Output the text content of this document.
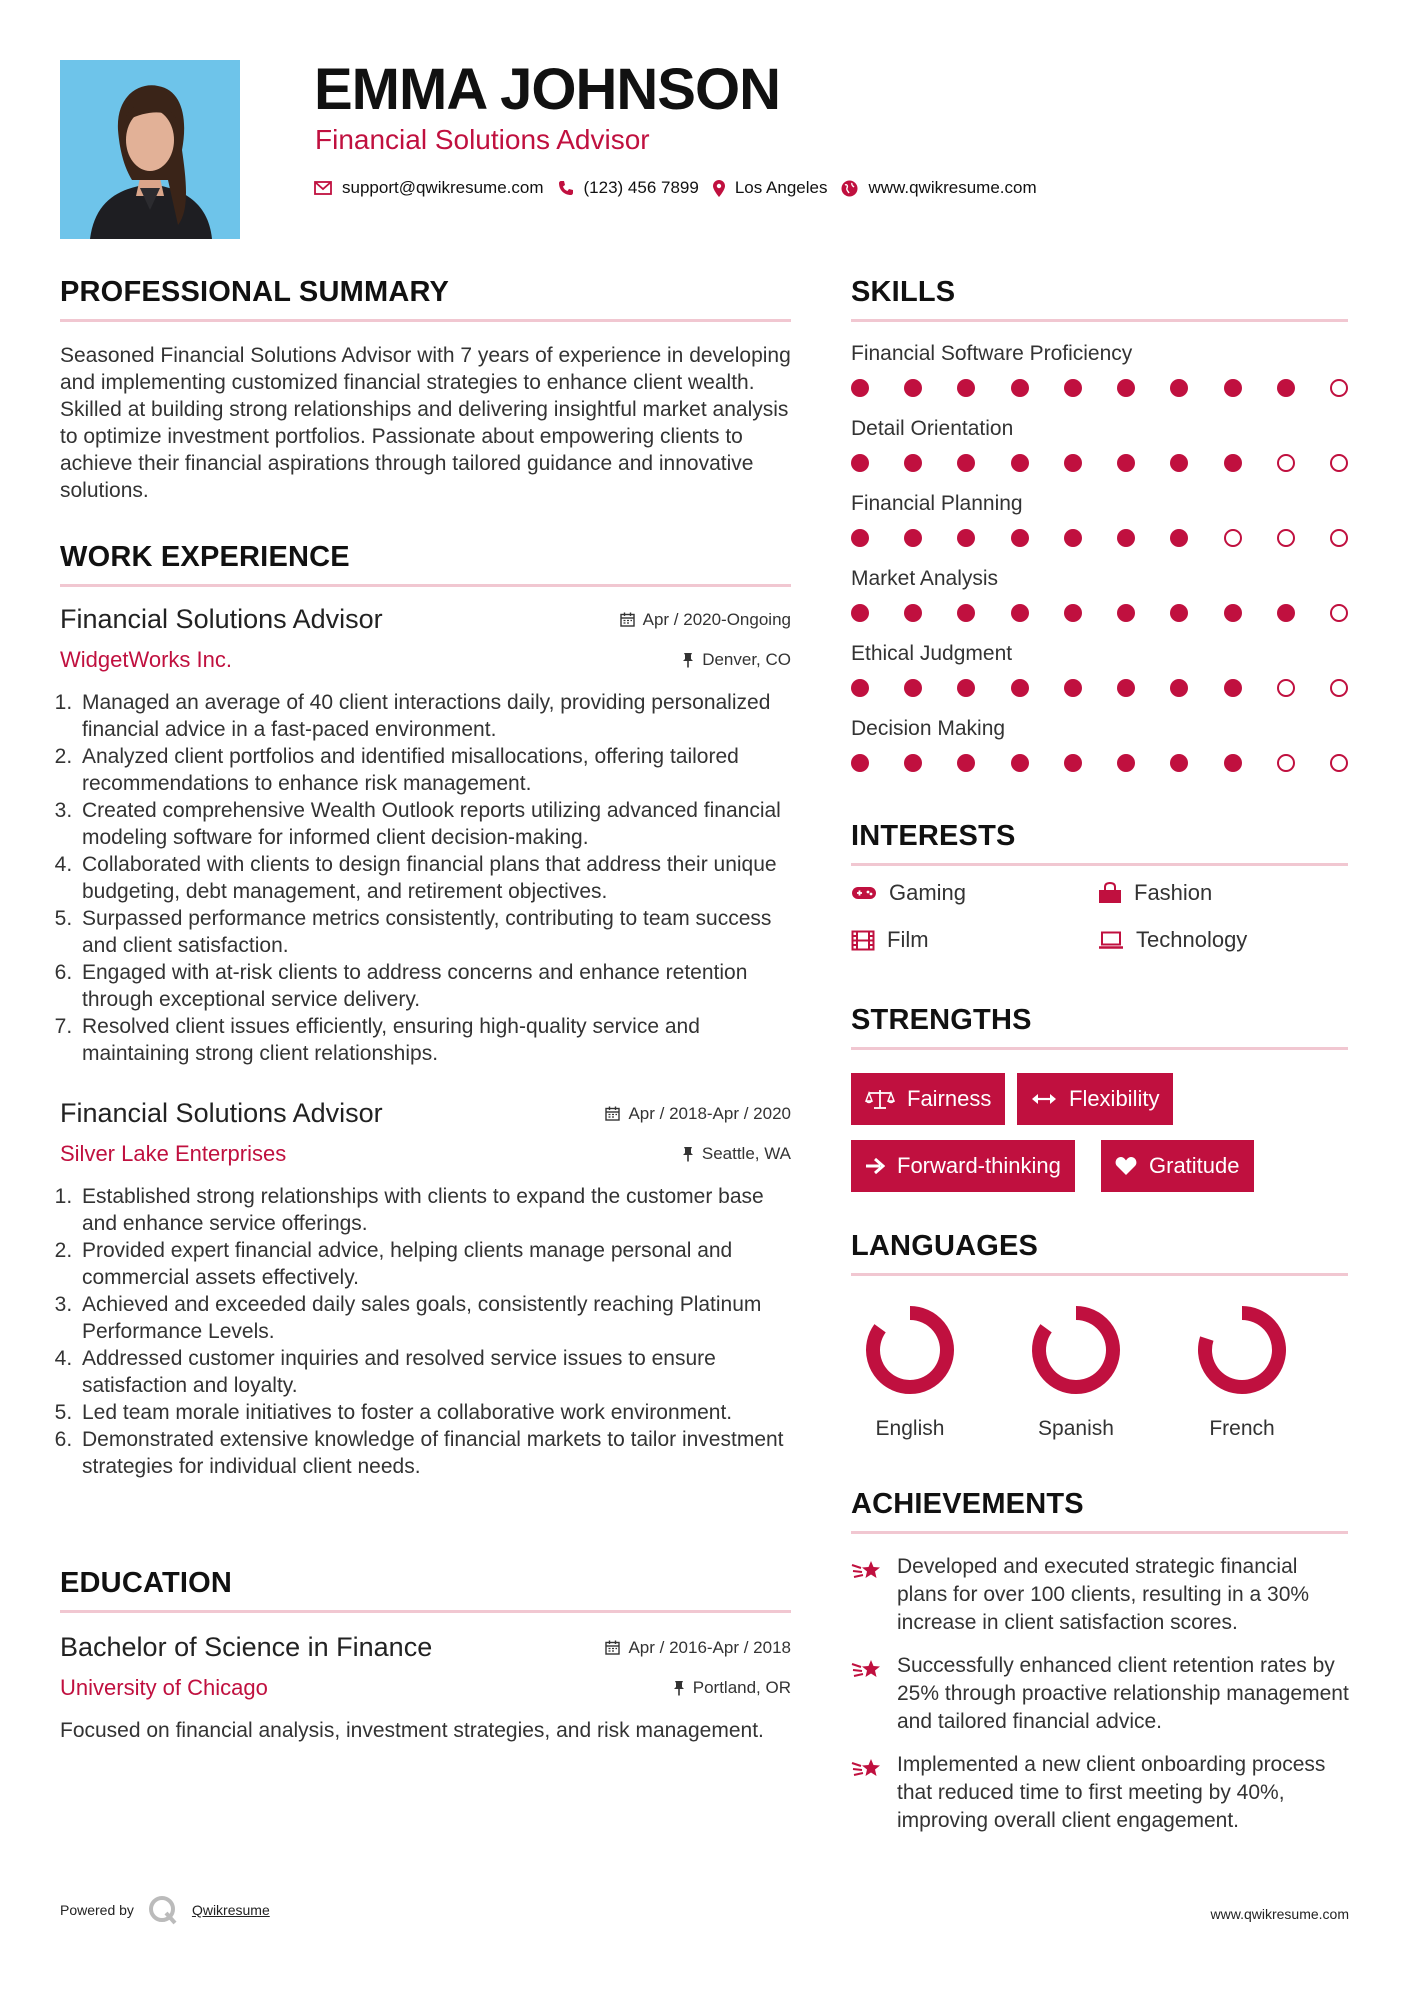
EMMA JOHNSON
Financial Solutions Advisor
support@qwikresume.com (123) 456 7899 Los Angeles www.qwikresume.com
PROFESSIONAL SUMMARY
Seasoned Financial Solutions Advisor with 7 years of experience in developing and implementing customized financial strategies to enhance client wealth. Skilled at building strong relationships and delivering insightful market analysis to optimize investment portfolios. Passionate about empowering clients to achieve their financial aspirations through tailored guidance and innovative solutions.
WORK EXPERIENCE
Financial Solutions Advisor	Apr / 2020-Ongoing
WidgetWorks Inc.	Denver, CO
1. Managed an average of 40 client interactions daily, providing personalized financial advice in a fast-paced environment.
2. Analyzed client portfolios and identified misallocations, offering tailored recommendations to enhance risk management.
3. Created comprehensive Wealth Outlook reports utilizing advanced financial modeling software for informed client decision-making.
4. Collaborated with clients to design financial plans that address their unique budgeting, debt management, and retirement objectives.
5. Surpassed performance metrics consistently, contributing to team success and client satisfaction.
6. Engaged with at-risk clients to address concerns and enhance retention through exceptional service delivery.
7. Resolved client issues efficiently, ensuring high-quality service and maintaining strong client relationships.
Financial Solutions Advisor	Apr / 2018-Apr / 2020
Silver Lake Enterprises	Seattle, WA
1. Established strong relationships with clients to expand the customer base and enhance service offerings.
2. Provided expert financial advice, helping clients manage personal and commercial assets effectively.
3. Achieved and exceeded daily sales goals, consistently reaching Platinum Performance Levels.
4. Addressed customer inquiries and resolved service issues to ensure satisfaction and loyalty.
5. Led team morale initiatives to foster a collaborative work environment.
6. Demonstrated extensive knowledge of financial markets to tailor investment strategies for individual client needs.
EDUCATION
Bachelor of Science in Finance	Apr / 2016-Apr / 2018
University of Chicago	Portland, OR
Focused on financial analysis, investment strategies, and risk management.
SKILLS
Financial Software Proficiency
Detail Orientation
Financial Planning
Market Analysis
Ethical Judgment
Decision Making
INTERESTS
Gaming	Fashion
Film	Technology
STRENGTHS
Fairness	Flexibility
Forward-thinking	Gratitude
LANGUAGES
English	Spanish	French
ACHIEVEMENTS
Developed and executed strategic financial plans for over 100 clients, resulting in a 30% increase in client satisfaction scores.
Successfully enhanced client retention rates by 25% through proactive relationship management and tailored financial advice.
Implemented a new client onboarding process that reduced time to first meeting by 40%, improving overall client engagement.
Powered by	Qwikresume	www.qwikresume.com
